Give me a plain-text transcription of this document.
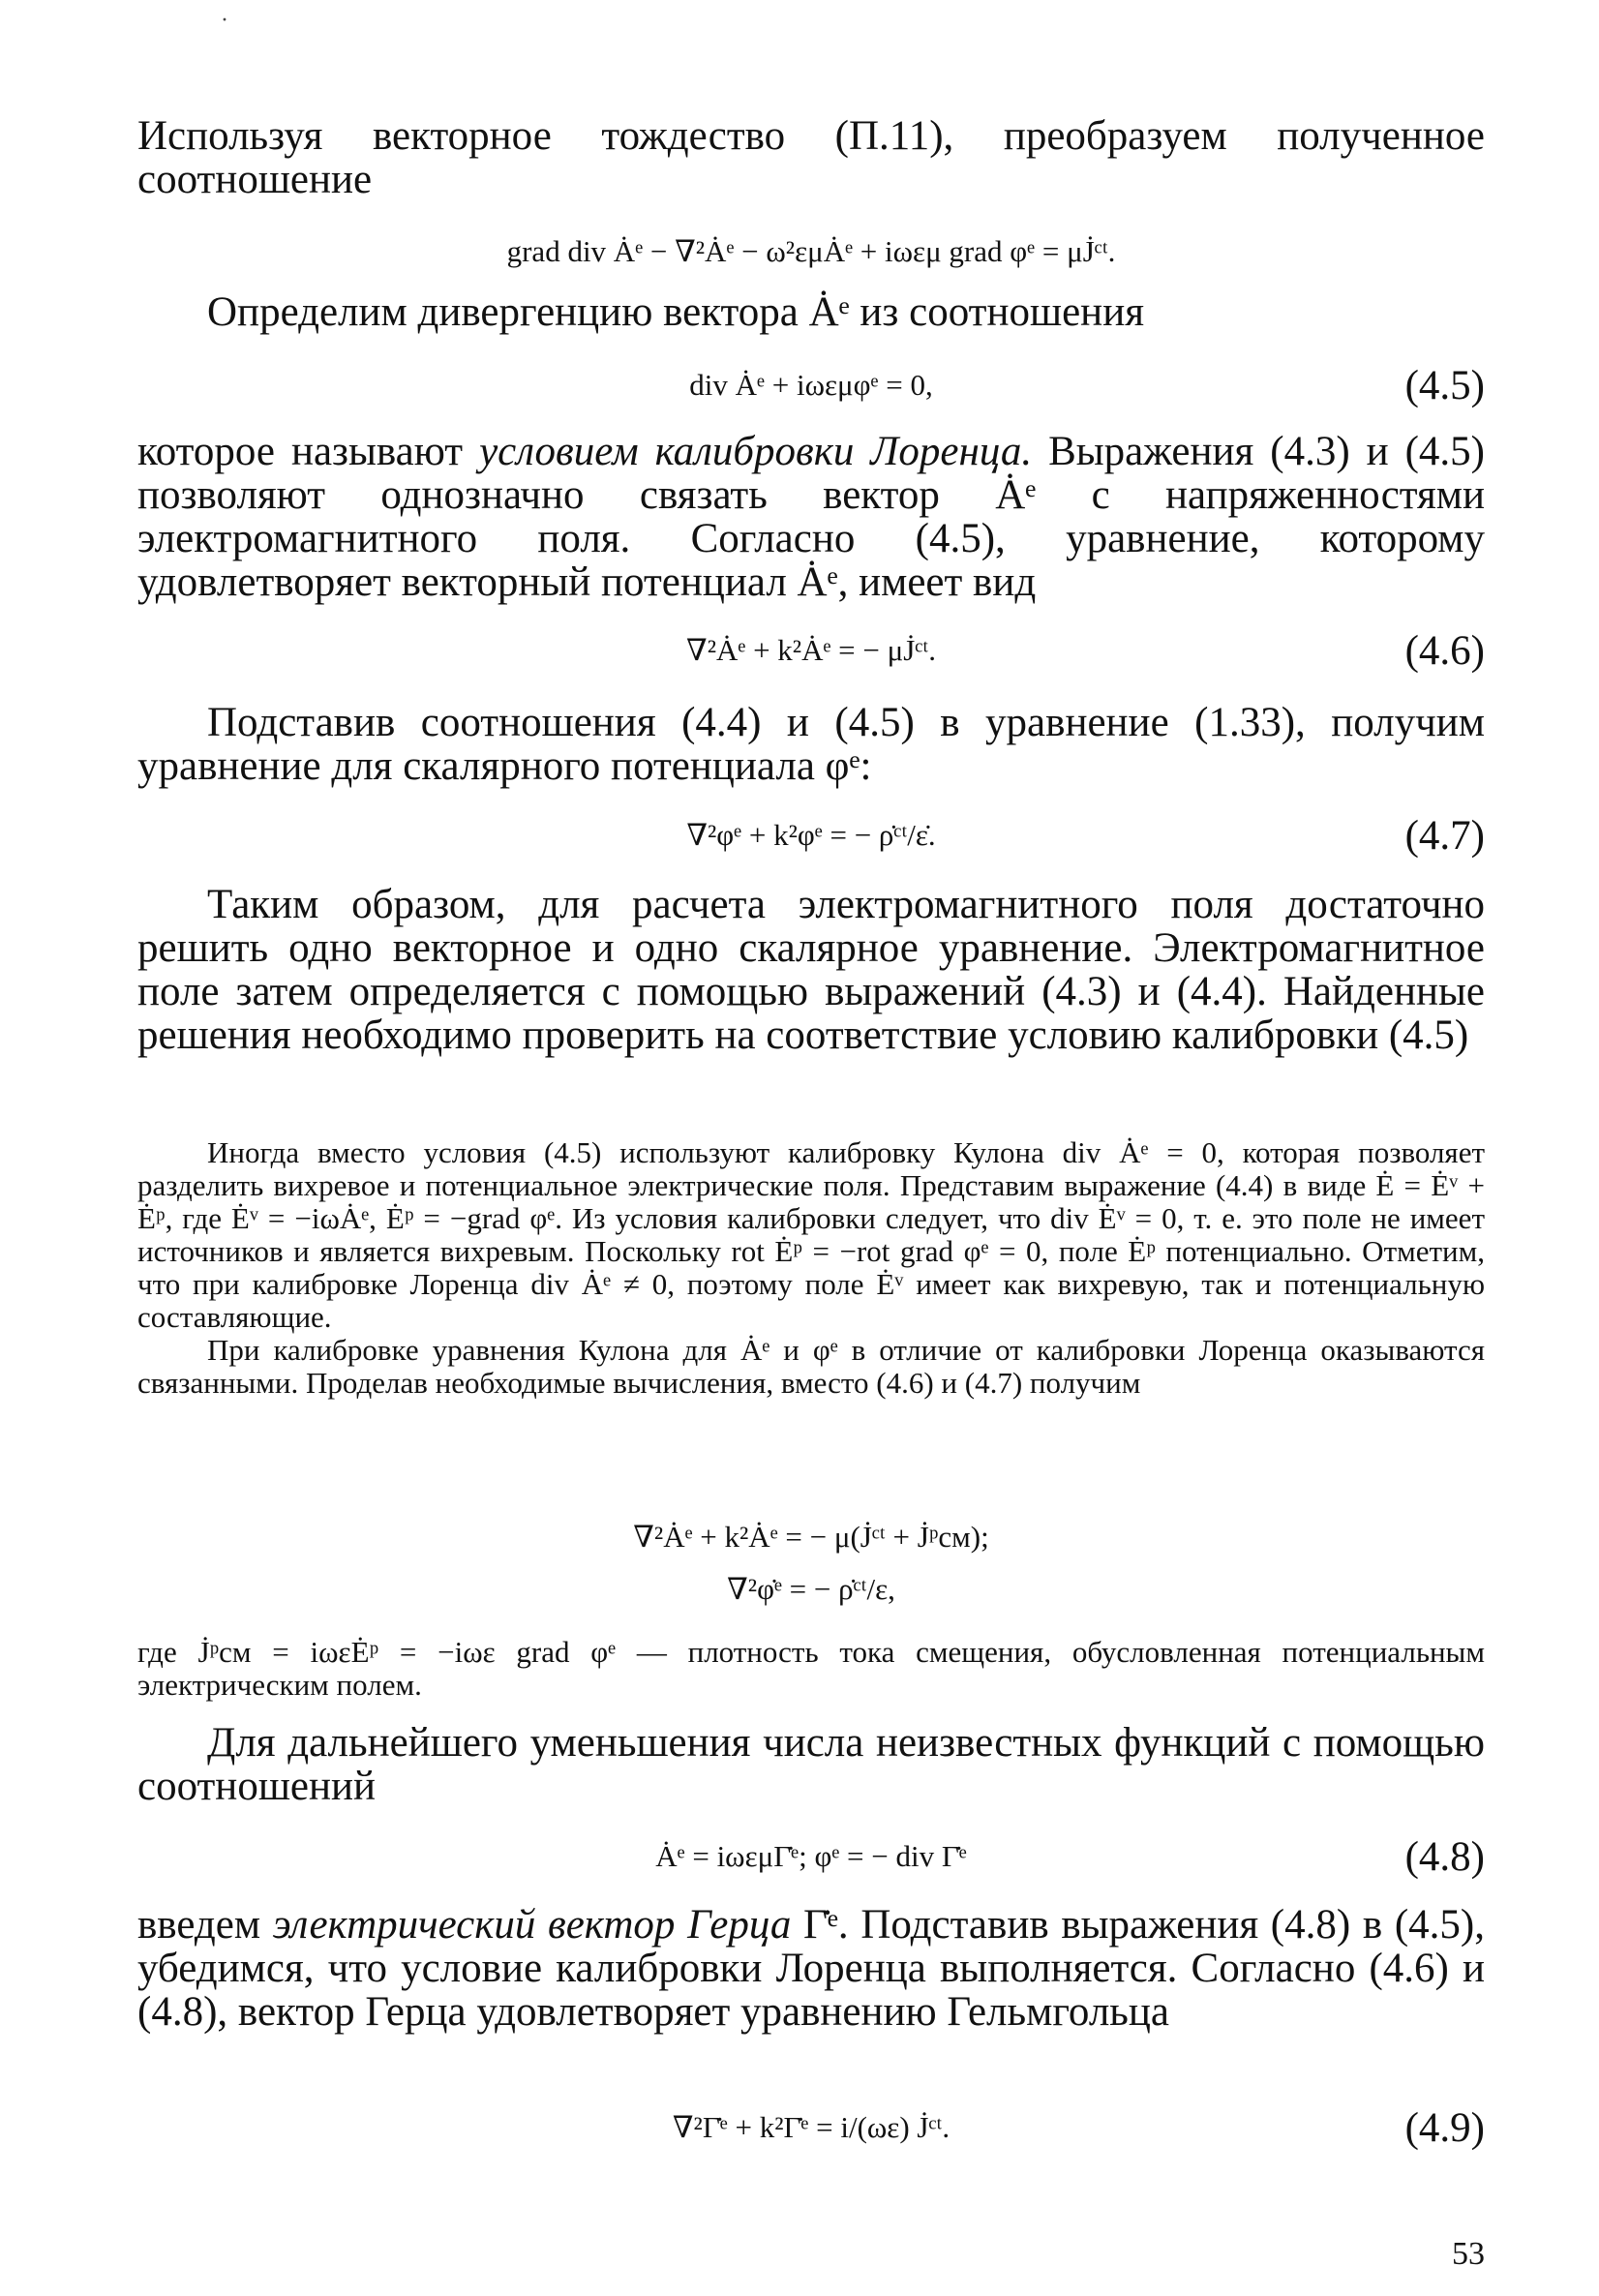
·

Используя векторное тождество (П.11), преобразуем полученное соотношение

grad div Ȧᵉ − ∇²Ȧᵉ − ω²εμȦᵉ + iωεμ grad φᵉ = μJ̇ᶜᵗ.

Определим дивергенцию вектора Ȧᵉ из соотношения

div Ȧᵉ + iωεμφᵉ = 0,	(4.5)

которое называют условием калибровки Лоренца. Выражения (4.3) и (4.5) позволяют однозначно связать вектор Ȧᵉ с напряженностями электромагнитного поля. Согласно (4.5), уравнение, которому удовлетворяет векторный потенциал Ȧᵉ, имеет вид

∇²Ȧᵉ + k²Ȧᵉ = − μJ̇ᶜᵗ.	(4.6)

Подставив соотношения (4.4) и (4.5) в уравнение (1.33), получим уравнение для скалярного потенциала φᵉ:

∇²φᵉ + k²φᵉ = − ρ̇ᶜᵗ/ε̇.	(4.7)

Таким образом, для расчета электромагнитного поля достаточно решить одно векторное и одно скалярное уравнение. Электромагнитное поле затем определяется с помощью выражений (4.3) и (4.4). Найденные решения необходимо проверить на соответствие условию калибровки (4.5)

Иногда вместо условия (4.5) используют калибровку Кулона div Ȧᵉ = 0, которая позволяет разделить вихревое и потенциальное электрические поля. Представим выражение (4.4) в виде Ė = Ėᵛ + Ėᵖ, где Ėᵛ = −iωȦᵉ, Ėᵖ = −grad φᵉ. Из условия калибровки следует, что div Ėᵛ = 0, т. е. это поле не имеет источников и является вихревым. Поскольку rot Ėᵖ = −rot grad φᵉ = 0, поле Ėᵖ потенциально. Отметим, что при калибровке Лоренца div Ȧᵉ ≠ 0, поэтому поле Ėᵛ имеет как вихревую, так и потенциальную составляющие.

При калибровке уравнения Кулона для Ȧᵉ и φᵉ в отличие от калибровки Лоренца оказываются связанными. Проделав необходимые вычисления, вместо (4.6) и (4.7) получим

∇²Ȧᵉ + k²Ȧᵉ = − μ(J̇ᶜᵗ + J̇ᵖсм);
∇²φ̇ᵉ = − ρ̇ᶜᵗ/ε,

где J̇ᵖсм = iωεĖᵖ = −iωε grad φᵉ — плотность тока смещения, обусловленная потенциальным электрическим полем.

Для дальнейшего уменьшения числа неизвестных функций с помощью соотношений

Ȧᵉ = iωεμΓ̇ᵉ; φᵉ = − div Γ̇ᵉ	(4.8)

введем электрический вектор Герца Γ̇ᵉ. Подставив выражения (4.8) в (4.5), убедимся, что условие калибровки Лоренца выполняется. Согласно (4.6) и (4.8), вектор Герца удовлетворяет уравнению Гельмгольца

∇²Γ̇ᵉ + k²Γ̇ᵉ = i/(ωε) J̇ᶜᵗ.	(4.9)
53
